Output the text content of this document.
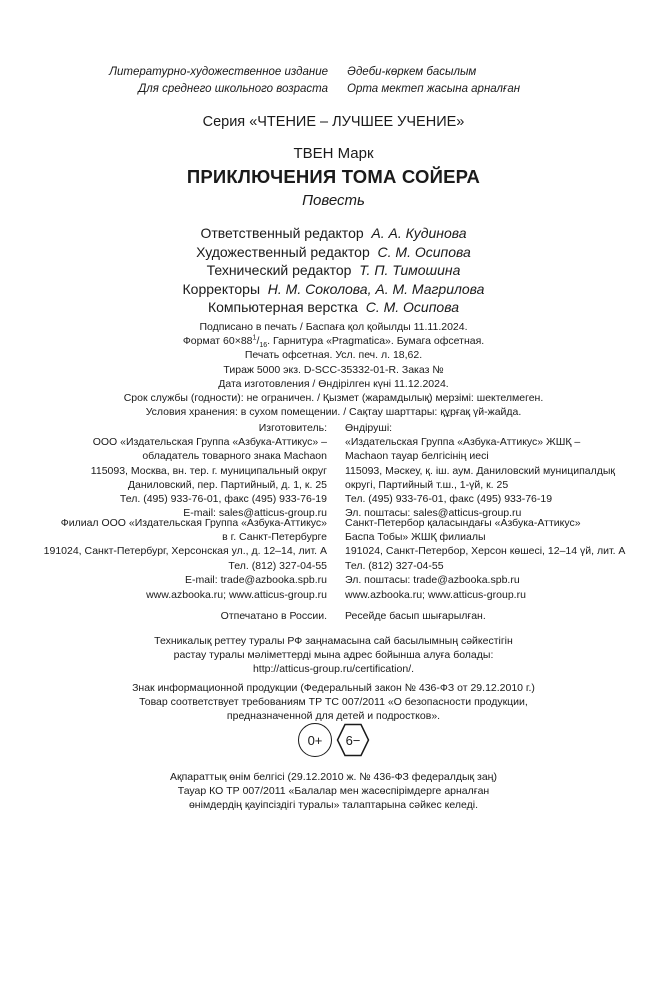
Литературно-художественное издание
Для среднего школьного возраста
Әдеби-көркем басылым
Орта мектеп жасына арналған
Серия «ЧТЕНИЕ – ЛУЧШЕЕ УЧЕНИЕ»
ТВЕН Марк
ПРИКЛЮЧЕНИЯ ТОМА СОЙЕРА
Повесть
Ответственный редактор А. А. Кудинова
Художественный редактор С. М. Осипова
Технический редактор Т. П. Тимошина
Корректоры Н. М. Соколова, А. М. Магрилова
Компьютерная верстка С. М. Осипова
Подписано в печать / Баспаға қол қойылды 11.11.2024.
Формат $60\times 88^1/_{16}$. Гарнитура «Pragmatica». Бумага офсетная.
Печать офсетная. Усл. печ. л. 18,62.
Тираж 5000 экз. D-SCC-35332-01-R. Заказ №
Дата изготовления / Өндірілген күні 11.12.2024.
Срок службы (годности): не ограничен. / Қызмет (жарамдылық) мерзімі: шектелмеген.
Условия хранения: в сухом помещении. / Сақтау шарттары: құрғақ үй-жайда.
Изготовитель:
ООО «Издательская Группа «Азбука-Аттикус» –
обладатель товарного знака Machaon
115093, Москва, вн. тер. г. муниципальный округ
Даниловский, пер. Партийный, д. 1, к. 25
Тел. (495) 933-76-01, факс (495) 933-76-19
E-mail: sales@atticus-group.ru
Филиал ООО «Издательская Группа «Азбука-Аттикус»
в г. Санкт-Петербурге
191024, Санкт-Петербург, Херсонская ул., д. 12–14, лит. А
Тел. (812) 327-04-55
E-mail: trade@azbooka.spb.ru
www.azbooka.ru; www.atticus-group.ru
Отпечатано в России.
Өндіруші:
«Издательская Группа «Азбука-Аттикус» ЖШҚ –
Machaon тауар белгісінің иесі
115093, Мәскеу, қ. іш. аум. Даниловский муниципалдық
округі, Партийный т.ш., 1-үй, к. 25
Тел. (495) 933-76-01, факс (495) 933-76-19
Эл. поштасы: sales@atticus-group.ru
Санкт-Петербор қаласындағы «Азбука-Аттикус»
Баспа Тобы» ЖШҚ филиалы
191024, Санкт-Петербор, Херсон көшесі, 12–14 үй, лит. А
Тел. (812) 327-04-55
Эл. поштасы: trade@azbooka.spb.ru
www.azbooka.ru; www.atticus-group.ru
Ресейде басып шығарылған.
Техникалық реттеу туралы РФ заңнамасына сай басылымның сәйкестігін
растау туралы мәліметтерді мына адрес бойынша алуға болады:
http://atticus-group.ru/certification/.
Знак информационной продукции (Федеральный закон № 436-ФЗ от 29.12.2010 г.)
Товар соответствует требованиям ТР ТС 007/2011 «О безопасности продукции,
предназначенной для детей и подростков».
0+ 6−
Ақпараттық өнім белгісі (29.12.2010 ж. № 436-ФЗ федералдық заң)
Тауар КО ТР 007/2011 «Балалар мен жасөспірімдерге арналған
өнімдердің қауіпсіздігі туралы» талаптарына сәйкес келеді.
